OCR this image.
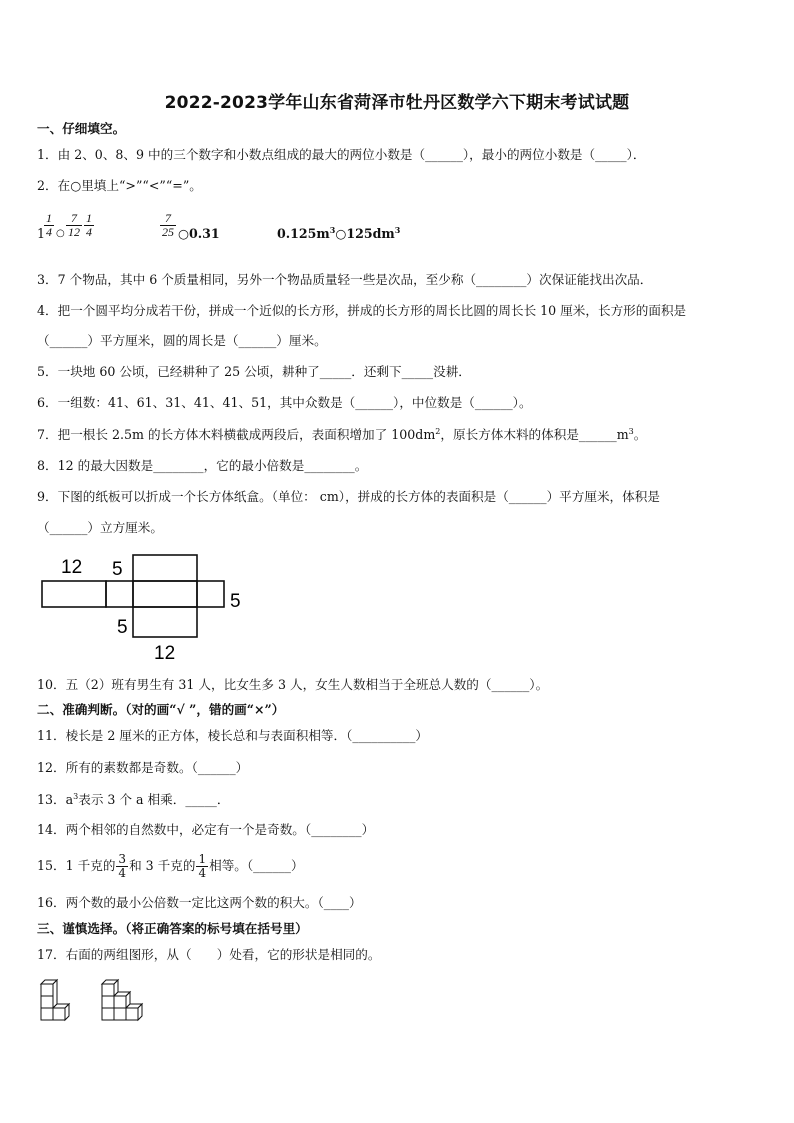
2022-2023学年山东省菏泽市牡丹区数学六下期末考试试题
一、仔细填空。
1．由 2、0、8、9 中的三个数字和小数点组成的最大的两位小数是（______），最小的两位小数是（_____）．
2．在○里填上“>”“<”“=”。
1
$\frac{1}{4}$ ○ $\frac{7}{12} \frac{1}{4}$	$\frac{7}{25}$ ○0.31	$0.125m^3○125dm^3$
3．7 个物品，其中 6 个质量相同，另外一个物品质量轻一些是次品，至少称（________）次保证能找出次品．
4．把一个圆平均分成若干份，拼成一个近似的长方形，拼成的长方形的周长比圆的周长长 10 厘米，长方形的面积是
（______）平方厘米，圆的周长是（______）厘米。
5．一块地 60 公顷，已经耕种了 25 公顷，耕种了_____．还剩下_____没耕．
6．一组数：41、61、31、41、41、51，其中众数是（______），中位数是（______）。
7．把一根长 2.5m 的长方体木料横截成两段后，表面积增加了 $100dm^2$，原长方体木料的体积是$\_\_\_\_\_\_m^3$。
8．12 的最大因数是________，它的最小倍数是________。
9．下图的纸板可以折成一个长方体纸盒。（单位： cm），拼成的长方体的表面积是（______）平方厘米，体积是
（______）立方厘米。
12 5
5
5
12
10．五（2）班有男生有 31 人，比女生多 3 人，女生人数相当于全班总人数的（______）。
二、准确判断。（对的画“√ ”，错的画“×”）
11．棱长是 2 厘米的正方体，棱长总和与表面积相等．（__________）
12．所有的素数都是奇数。（______）
13．$a^3$表示 3 个 a 相乘．_____．
14．两个相邻的自然数中，必定有一个是奇数。（________）
15．1 千克的 $\frac{3}{4}$ 和 3 千克的 $\frac{1}{4}$ 相等。（______）
16．两个数的最小公倍数一定比这两个数的积大。（____）
三、谨慎选择。（将正确答案的标号填在括号里）
17．右面的两组图形，从（　　）处看，它的形状是相同的。
